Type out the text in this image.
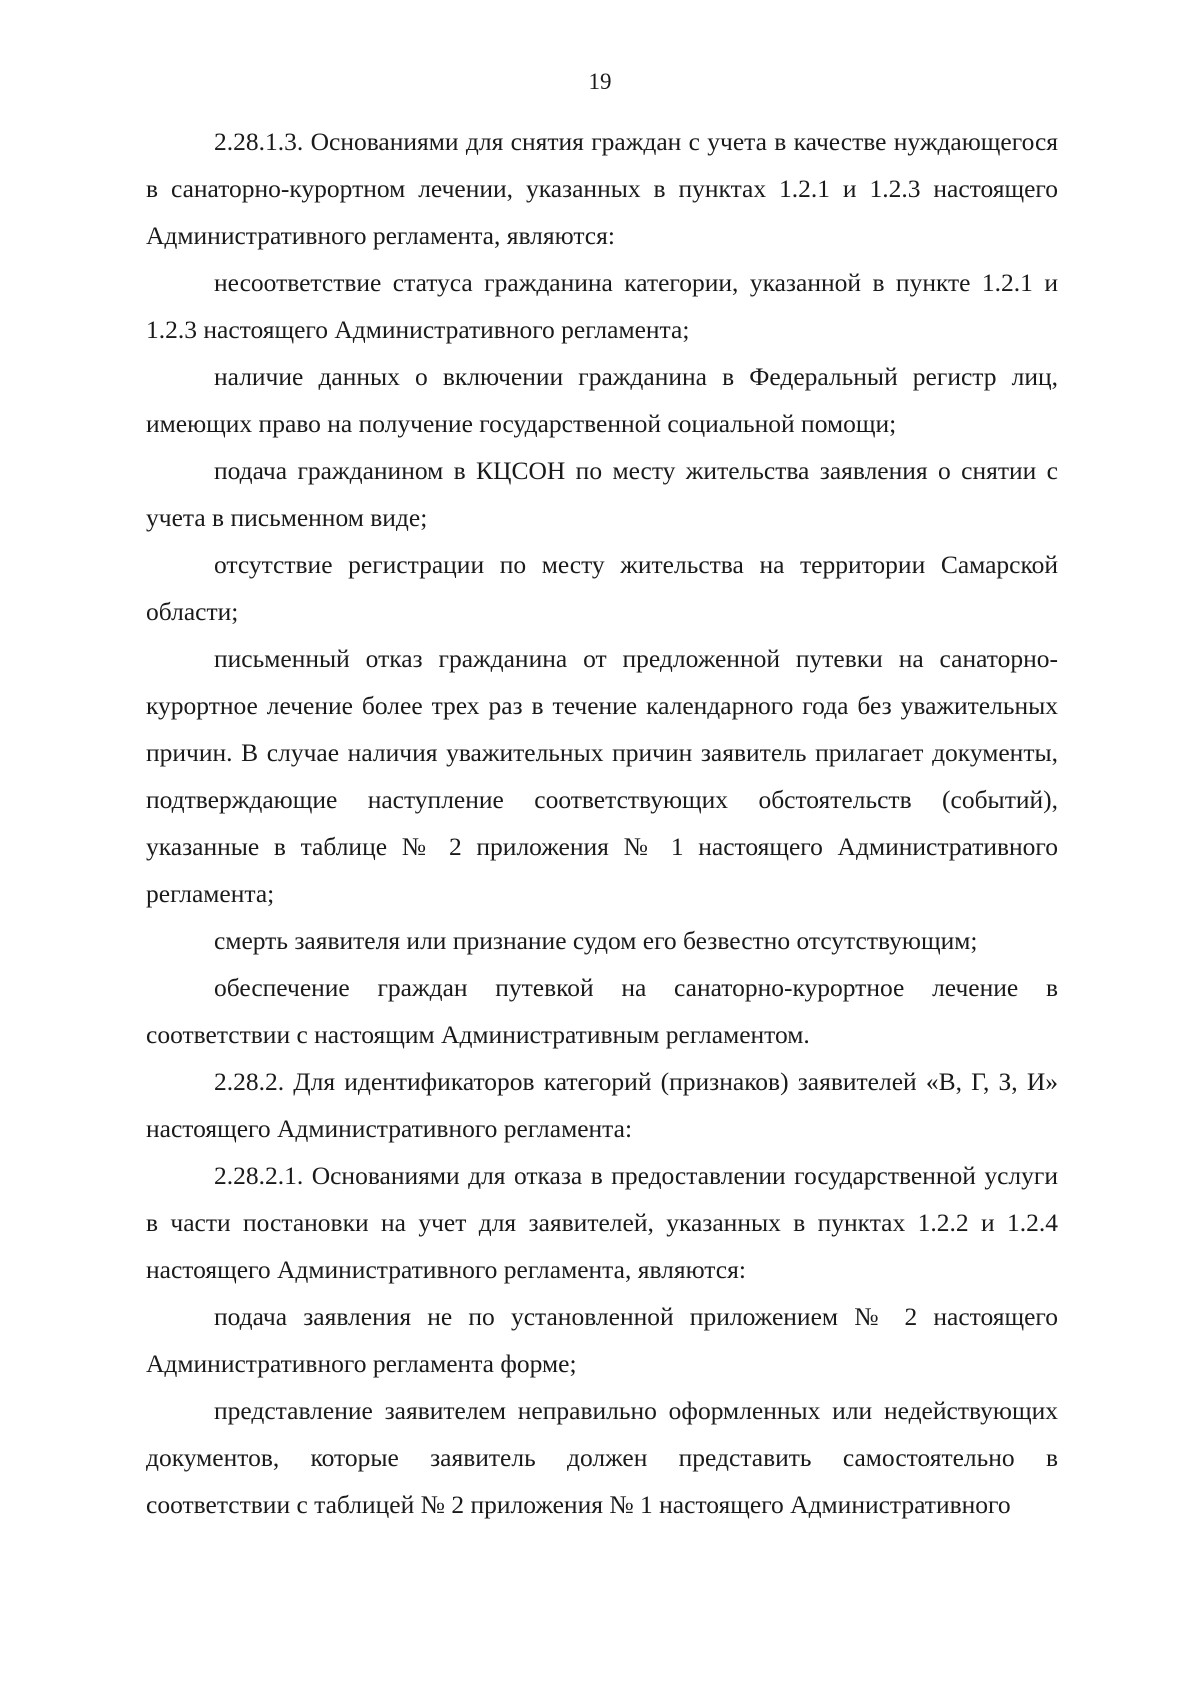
19

2.28.1.3. Основаниями для снятия граждан с учета в качестве нуждающегося в санаторно-курортном лечении, указанных в пунктах 1.2.1 и 1.2.3 настоящего Административного регламента, являются:

несоответствие статуса гражданина категории, указанной в пункте 1.2.1 и 1.2.3 настоящего Административного регламента;

наличие данных о включении гражданина в Федеральный регистр лиц, имеющих право на получение государственной социальной помощи;

подача гражданином в КЦСОН по месту жительства заявления о снятии с учета в письменном виде;

отсутствие регистрации по месту жительства на территории Самарской области;

письменный отказ гражданина от предложенной путевки на санаторно-курортное лечение более трех раз в течение календарного года без уважительных причин. В случае наличия уважительных причин заявитель прилагает документы, подтверждающие наступление соответствующих обстоятельств (событий), указанные в таблице № 2 приложения № 1 настоящего Административного регламента;

смерть заявителя или признание судом его безвестно отсутствующим;

обеспечение граждан путевкой на санаторно-курортное лечение в соответствии с настоящим Административным регламентом.

2.28.2. Для идентификаторов категорий (признаков) заявителей «В, Г, З, И» настоящего Административного регламента:

2.28.2.1. Основаниями для отказа в предоставлении государственной услуги в части постановки на учет для заявителей, указанных в пунктах 1.2.2 и 1.2.4 настоящего Административного регламента, являются:

подача заявления не по установленной приложением № 2 настоящего Административного регламента форме;

представление заявителем неправильно оформленных или недействующих документов, которые заявитель должен представить самостоятельно в соответствии с таблицей № 2 приложения № 1 настоящего Административного
